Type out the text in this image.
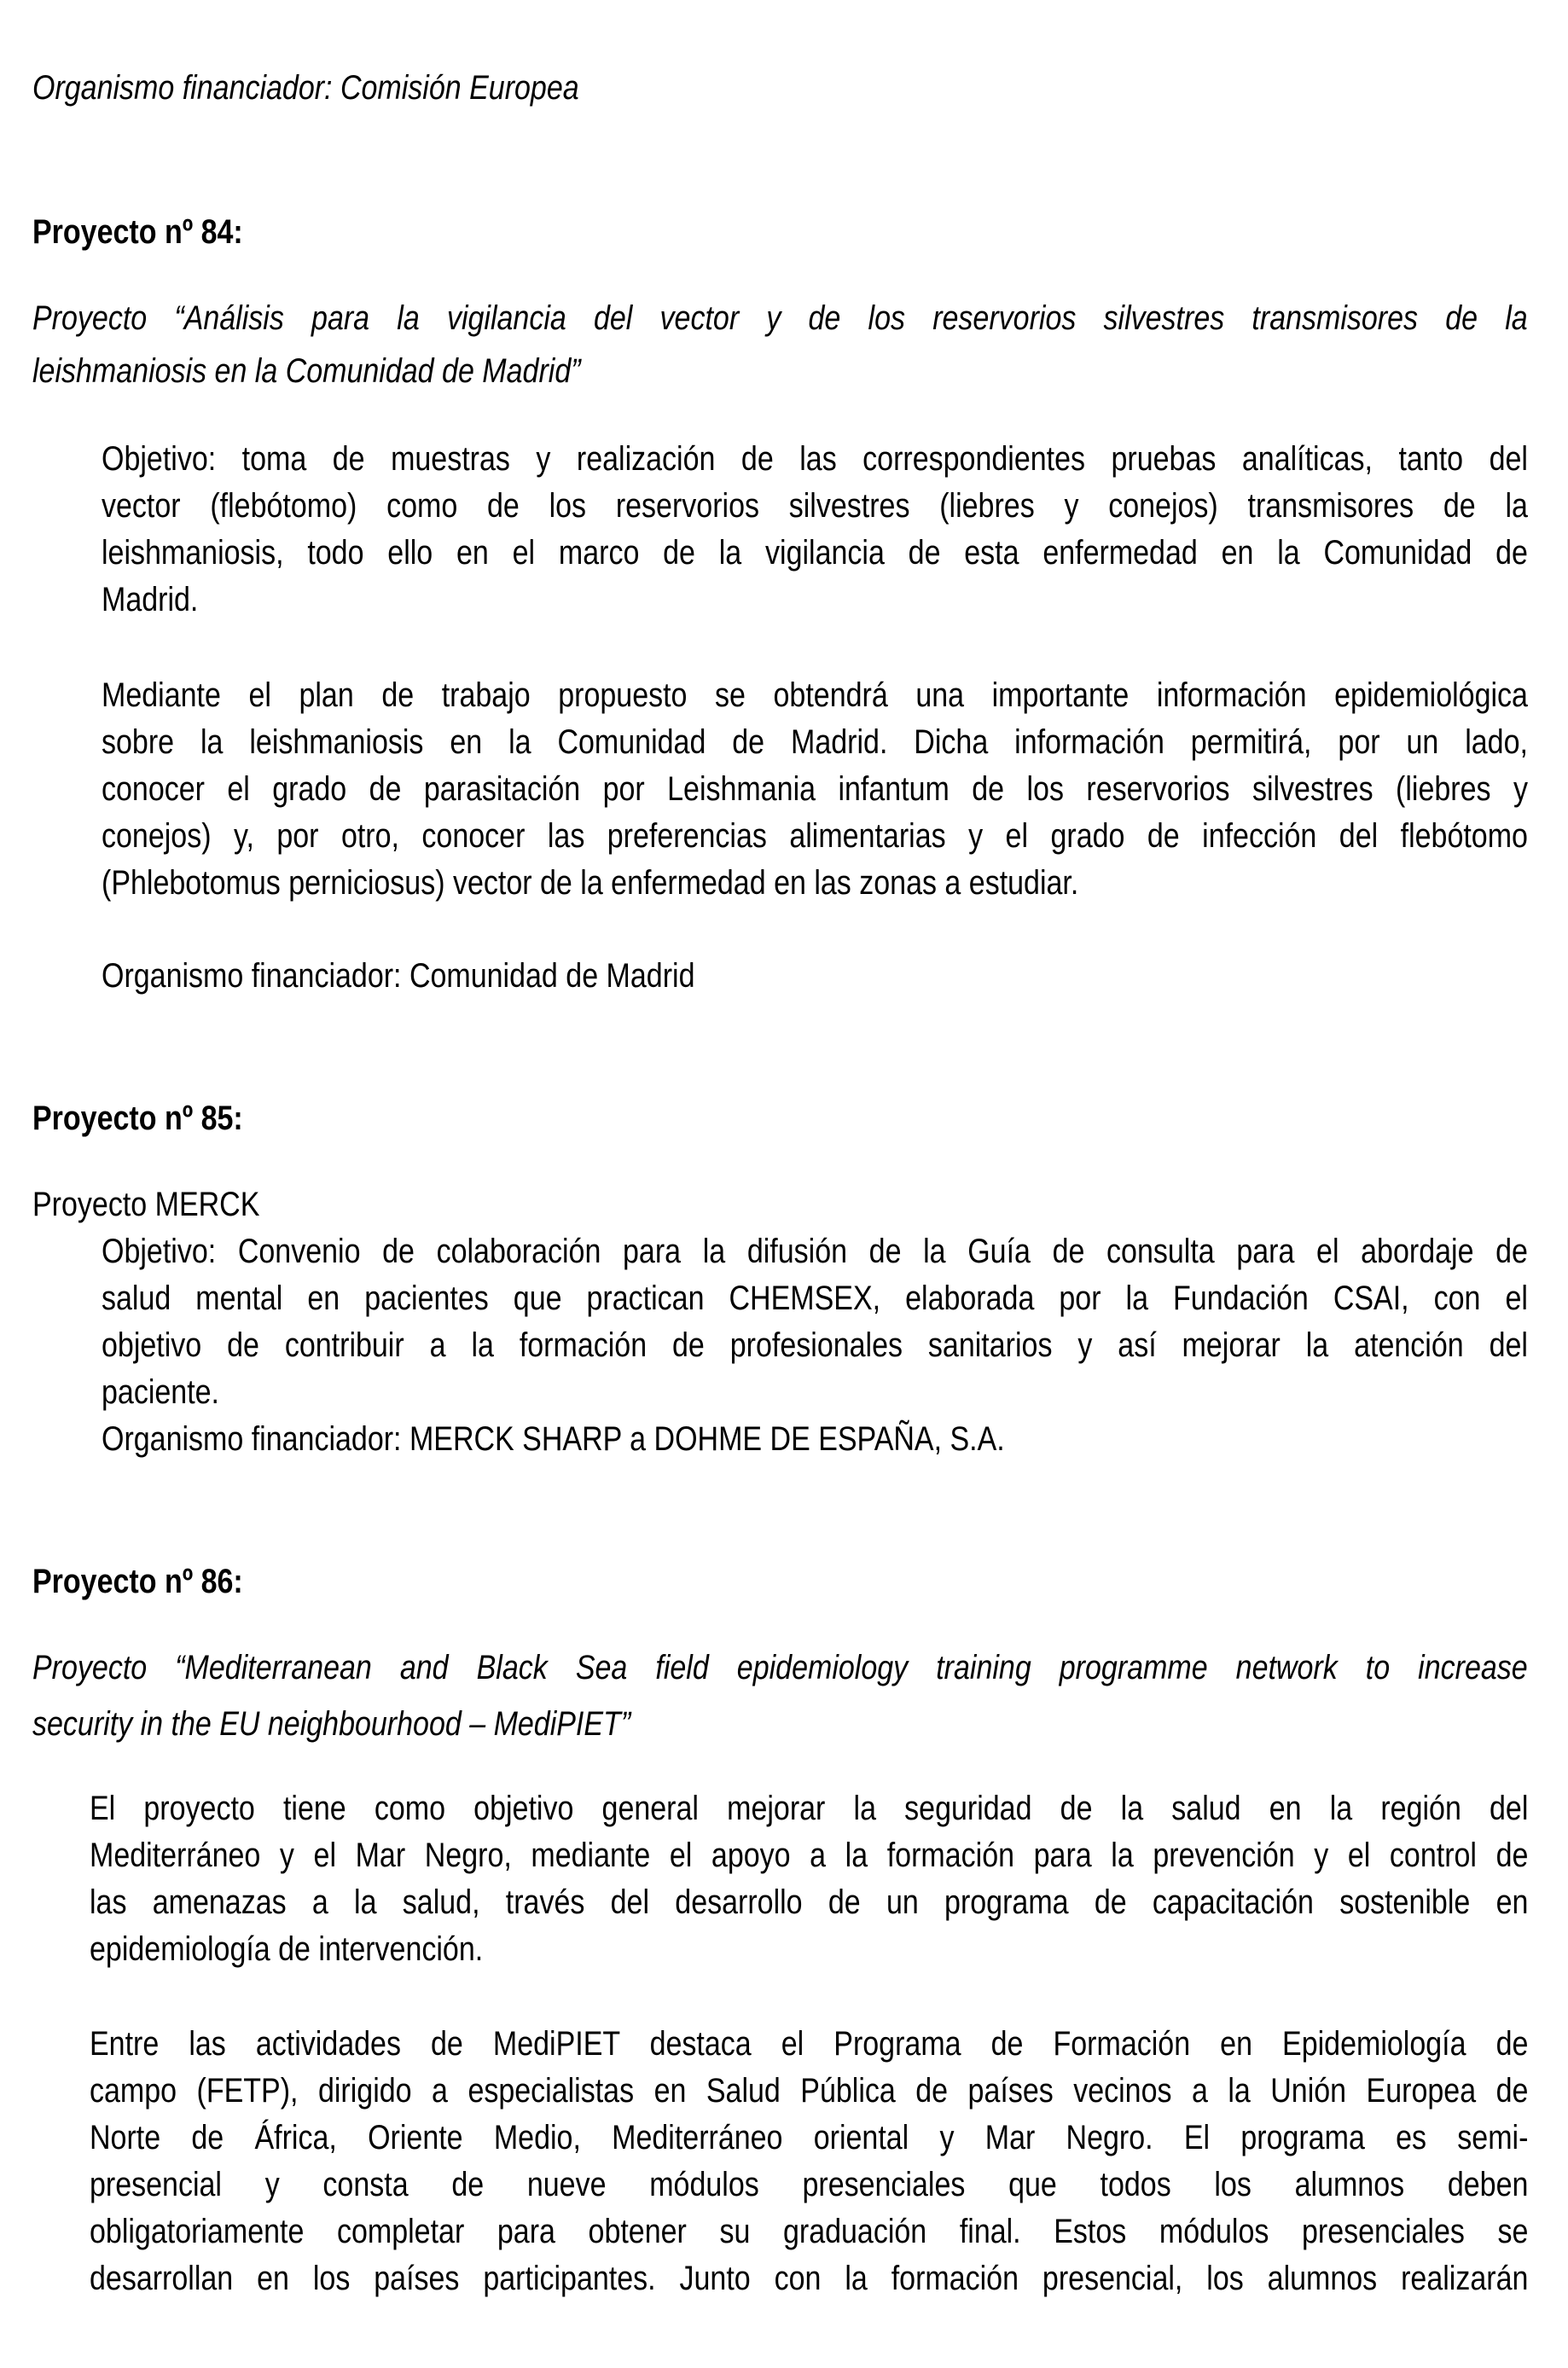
Organismo financiador: Comisión Europea
Proyecto nº 84:
Proyecto “Análisis para la vigilancia del vector y de los reservorios silvestres transmisores de la
leishmaniosis en la Comunidad de Madrid”
Objetivo: toma de muestras y realización de las correspondientes pruebas analíticas, tanto del
vector (flebótomo) como de los reservorios silvestres (liebres y conejos) transmisores de la
leishmaniosis, todo ello en el marco de la vigilancia de esta enfermedad en la Comunidad de
Madrid.
Mediante el plan de trabajo propuesto se obtendrá una importante información epidemiológica
sobre la leishmaniosis en la Comunidad de Madrid. Dicha información permitirá, por un lado,
conocer el grado de parasitación por Leishmania infantum de los reservorios silvestres (liebres y
conejos) y, por otro, conocer las preferencias alimentarias y el grado de infección del flebótomo
(Phlebotomus perniciosus) vector de la enfermedad en las zonas a estudiar.
Organismo financiador: Comunidad de Madrid
Proyecto nº 85:
Proyecto MERCK
Objetivo: Convenio de colaboración para la difusión de la Guía de consulta para el abordaje de
salud mental en pacientes que practican CHEMSEX, elaborada por la Fundación CSAI, con el
objetivo de contribuir a la formación de profesionales sanitarios y así mejorar la atención del
paciente.
Organismo financiador: MERCK SHARP a DOHME DE ESPAÑA, S.A.
Proyecto nº 86:
Proyecto “Mediterranean and Black Sea field epidemiology training programme network to increase
security in the EU neighbourhood – MediPIET”
El proyecto tiene como objetivo general mejorar la seguridad de la salud en la región del
Mediterráneo y el Mar Negro, mediante el apoyo a la formación para la prevención y el control de
las amenazas a la salud, través del desarrollo de un programa de capacitación sostenible en
epidemiología de intervención.
Entre las actividades de MediPIET destaca el Programa de Formación en Epidemiología de
campo (FETP), dirigido a especialistas en Salud Pública de países vecinos a la Unión Europea de
Norte de África, Oriente Medio, Mediterráneo oriental y Mar Negro. El programa es semi-
presencial y consta de nueve módulos presenciales que todos los alumnos deben
obligatoriamente completar para obtener su graduación final. Estos módulos presenciales se
desarrollan en los países participantes. Junto con la formación presencial, los alumnos realizarán
